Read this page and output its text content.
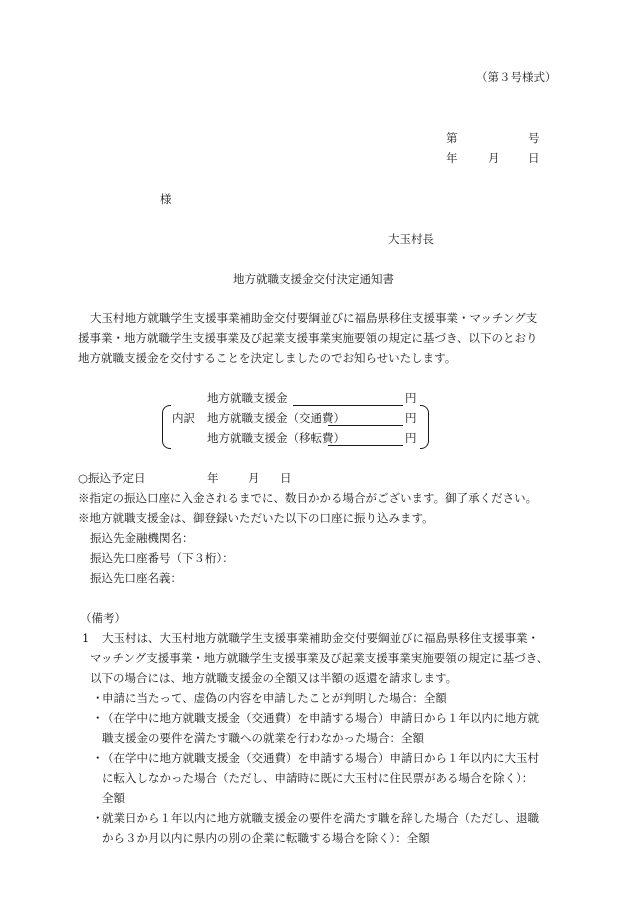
（第３号様式）
第	号
年	月 日
様
大玉村長
地方就職支援金交付決定通知書
大玉村地方就職学生支援事業補助金交付要綱並びに福島県移住支援事業・マッチング支
援事業・地方就職学生支援事業及び起業支援事業実施要領の規定に基づき、以下のとおり
地方就職支援金を交付することを決定しましたのでお知らせいたします。
地方就職支援金	円
内訳 地方就職支援金（交通費）	円
地方就職支援金（移転費）	円
○振込予定日	年	月 日
※指定の振込口座に入金されるまでに、数日かかる場合がございます。御了承ください。
※地方就職支援金は、御登録いただいた以下の口座に振り込みます。
振込先金融機関名：
振込先口座番号（下３桁）：
振込先口座名義：
（備考）
1 大玉村は、大玉村地方就職学生支援事業補助金交付要綱並びに福島県移住支援事業・
マッチング支援事業・地方就職学生支援事業及び起業支援事業実施要領の規定に基づき、
以下の場合には、地方就職支援金の全額又は半額の返還を請求します。
・
申請に当たって、虚偽の内容を申請したことが判明した場合：全額
・
（在学中に地方就職支援金（交通費）を申請する場合）申請日から１年以内に地方就
職支援金の要件を満たす職への就業を行わなかった場合：全額
・
（在学中に地方就職支援金（交通費）を申請する場合）申請日から１年以内に大玉村
に転入しなかった場合（ただし、申請時に既に大玉村に住民票がある場合を除く）：
全額
・
就業日から１年以内に地方就職支援金の要件を満たす職を辞した場合（ただし、退職
から３か月以内に県内の別の企業に転職する場合を除く）：全額
